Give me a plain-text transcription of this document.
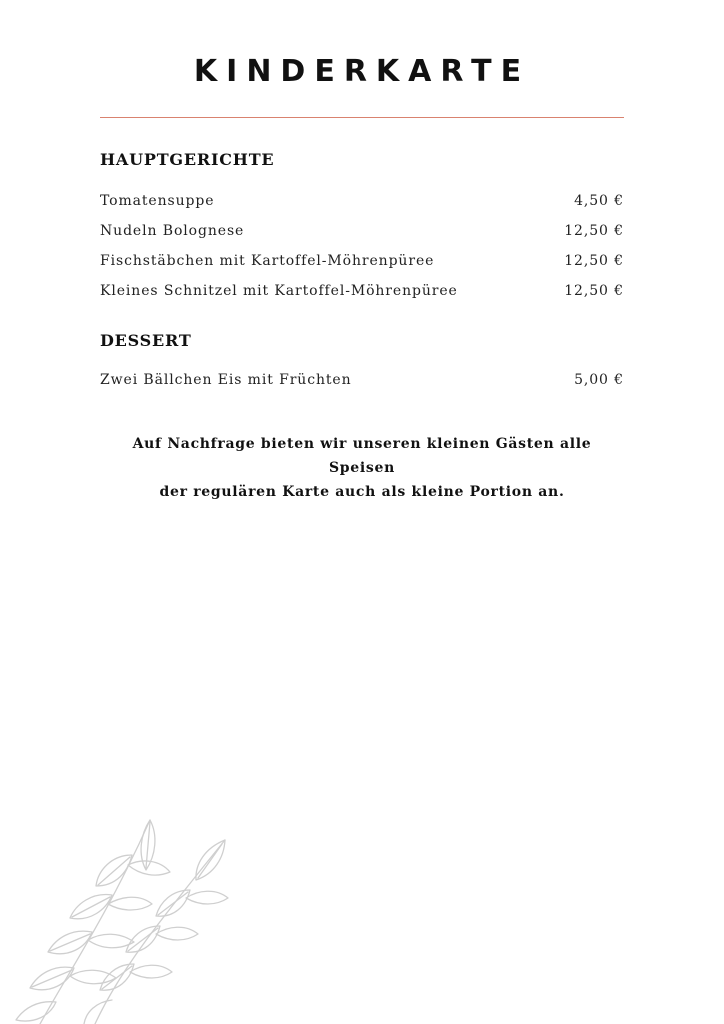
KINDERKARTE
HAUPTGERICHTE
Tomatensuppe	4,50 €
Nudeln Bolognese	12,50 €
Fischstäbchen mit Kartoffel-Möhrenpüree	12,50 €
Kleines Schnitzel mit Kartoffel-Möhrenpüree	12,50 €
DESSERT
Zwei Bällchen Eis mit Früchten	5,00 €
Auf Nachfrage bieten wir unseren kleinen Gästen alle Speisen
der regulären Karte auch als kleine Portion an.
